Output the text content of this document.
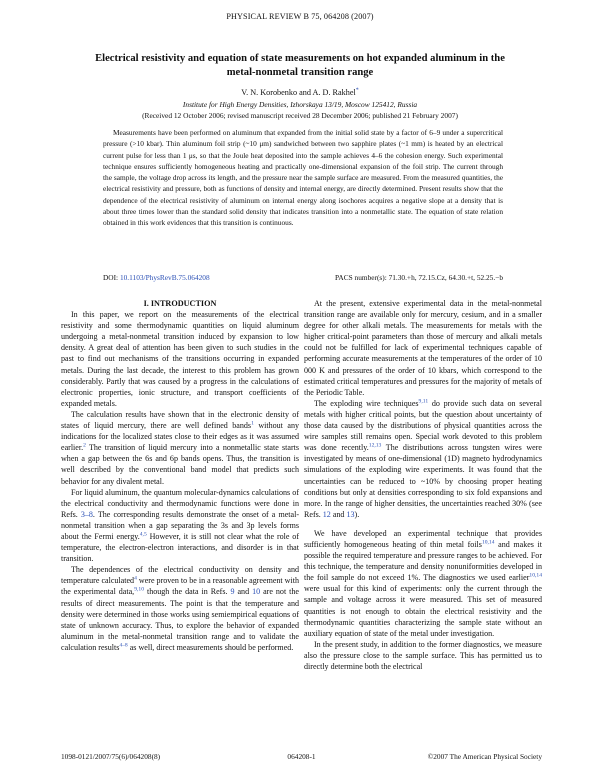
PHYSICAL REVIEW B 75, 064208 (2007)
Electrical resistivity and equation of state measurements on hot expanded aluminum in the
metal-nonmetal transition range
V. N. Korobenko and A. D. Rakhel*
Institute for High Energy Densities, Izhorskaya 13/19, Moscow 125412, Russia
(Received 12 October 2006; revised manuscript received 28 December 2006; published 21 February 2007)

Measurements have been performed on aluminum that expanded from the initial solid state by a factor of 6–9 under a supercritical pressure (>10 kbar). Thin aluminum foil strip (~10 μm) sandwiched between two sapphire plates (~1 mm) is heated by an electrical current pulse for less than 1 μs, so that the Joule heat deposited into the sample achieves 4–6 the cohesion energy. Such experimental technique ensures sufficiently homogeneous heating and practically one-dimensional expansion of the foil strip. The current through the sample, the voltage drop across its length, and the pressure near the sample surface are measured. From the measured quantities, the electrical resistivity and pressure, both as functions of density and internal energy, are directly determined. Present results show that the dependence of the electrical resistivity of aluminum on internal energy along isochores acquires a negative slope at a density that is about three times lower than the standard solid density that indicates transition into a nonmetallic state. The equation of state relation obtained in this work evidences that this transition is continuous.

DOI: 10.1103/PhysRevB.75.064208	PACS number(s): 71.30.+h, 72.15.Cz, 64.30.+t, 52.25.−b

I. INTRODUCTION

In this paper, we report on the measurements of the electrical resistivity and some thermodynamic quantities on liquid aluminum undergoing a metal-nonmetal transition induced by expansion to low density. A great deal of attention has been given to such studies in the past to find out mechanisms of the transitions occurring in expanded metals. During the last decade, the interest to this problem has grown considerably. Partly that was caused by a progress in the calculations of electronic properties, ionic structure, and transport coefficients of expanded metals.

The calculation results have shown that in the electronic density of states of liquid mercury, there are well defined bands$^1$ without any indications for the localized states close to their edges as it was assumed earlier.$^2$ The transition of liquid mercury into a nonmetallic state starts when a gap between the 6s and 6p bands opens. Thus, the transition is well described by the conventional band model that predicts such behavior for any divalent metal.

For liquid aluminum, the quantum molecular-dynamics calculations of the electrical conductivity and thermodynamic functions were done in Refs. 3–8. The corresponding results demonstrate the onset of a metal-nonmetal transition when a gap separating the 3s and 3p levels forms about the Fermi energy.$^{4,5}$ However, it is still not clear what the role of temperature, the electron-electron interactions, and disorder is in that transition.

The dependences of the electrical conductivity on density and temperature calculated$^4$ were proven to be in a reasonable agreement with the experimental data,$^{9,10}$ though the data in Refs. 9 and 10 are not the results of direct measurements. The point is that the temperature and density were determined in those works using semiempirical equations of state of unknown accuracy. Thus, to explore the behavior of expanded aluminum in the metal-nonmetal transition range and to validate the calculation results$^{4-8}$ as well, direct measurements should be performed.

At the present, extensive experimental data in the metal-nonmetal transition range are available only for mercury, cesium, and in a smaller degree for other alkali metals. The measurements for metals with the higher critical-point parameters than those of mercury and alkali metals could not be fulfilled for lack of experimental techniques capable of performing accurate measurements at the temperatures of the order of 10 000 K and pressures of the order of 10 kbars, which correspond to the estimated critical temperatures and pressures for the majority of metals of the Periodic Table.

The exploding wire techniques$^{9,11}$ do provide such data on several metals with higher critical points, but the question about uncertainty of those data caused by the distributions of physical quantities across the wire samples still remains open. Special work devoted to this problem was done recently.$^{12,13}$ The distributions across tungsten wires were investigated by means of one-dimensional (1D) magneto hydrodynamics simulations of the exploding wire experiments. It was found that the uncertainties can be reduced to ~10% by choosing proper heating conditions but only at densities corresponding to six fold expansions and more. In the range of higher densities, the uncertainties reached 30% (see Refs. 12 and 13).

We have developed an experimental technique that provides sufficiently homogeneous heating of thin metal foils$^{10,14}$ and makes it possible the required temperature and pressure ranges to be achieved. For this technique, the temperature and density nonuniformities developed in the foil sample do not exceed 1%. The diagnostics we used earlier$^{10,14}$ were usual for this kind of experiments: only the current through the sample and voltage across it were measured. This set of measured quantities is not enough to obtain the electrical resistivity and the thermodynamic quantities characterizing the sample state without an auxiliary equation of state of the metal under investigation.

In the present study, in addition to the former diagnostics, we measure also the pressure close to the sample surface. This has permitted us to directly determine both the electrical

1098-0121/2007/75(6)/064208(8)	064208-1	©2007 The American Physical Society
